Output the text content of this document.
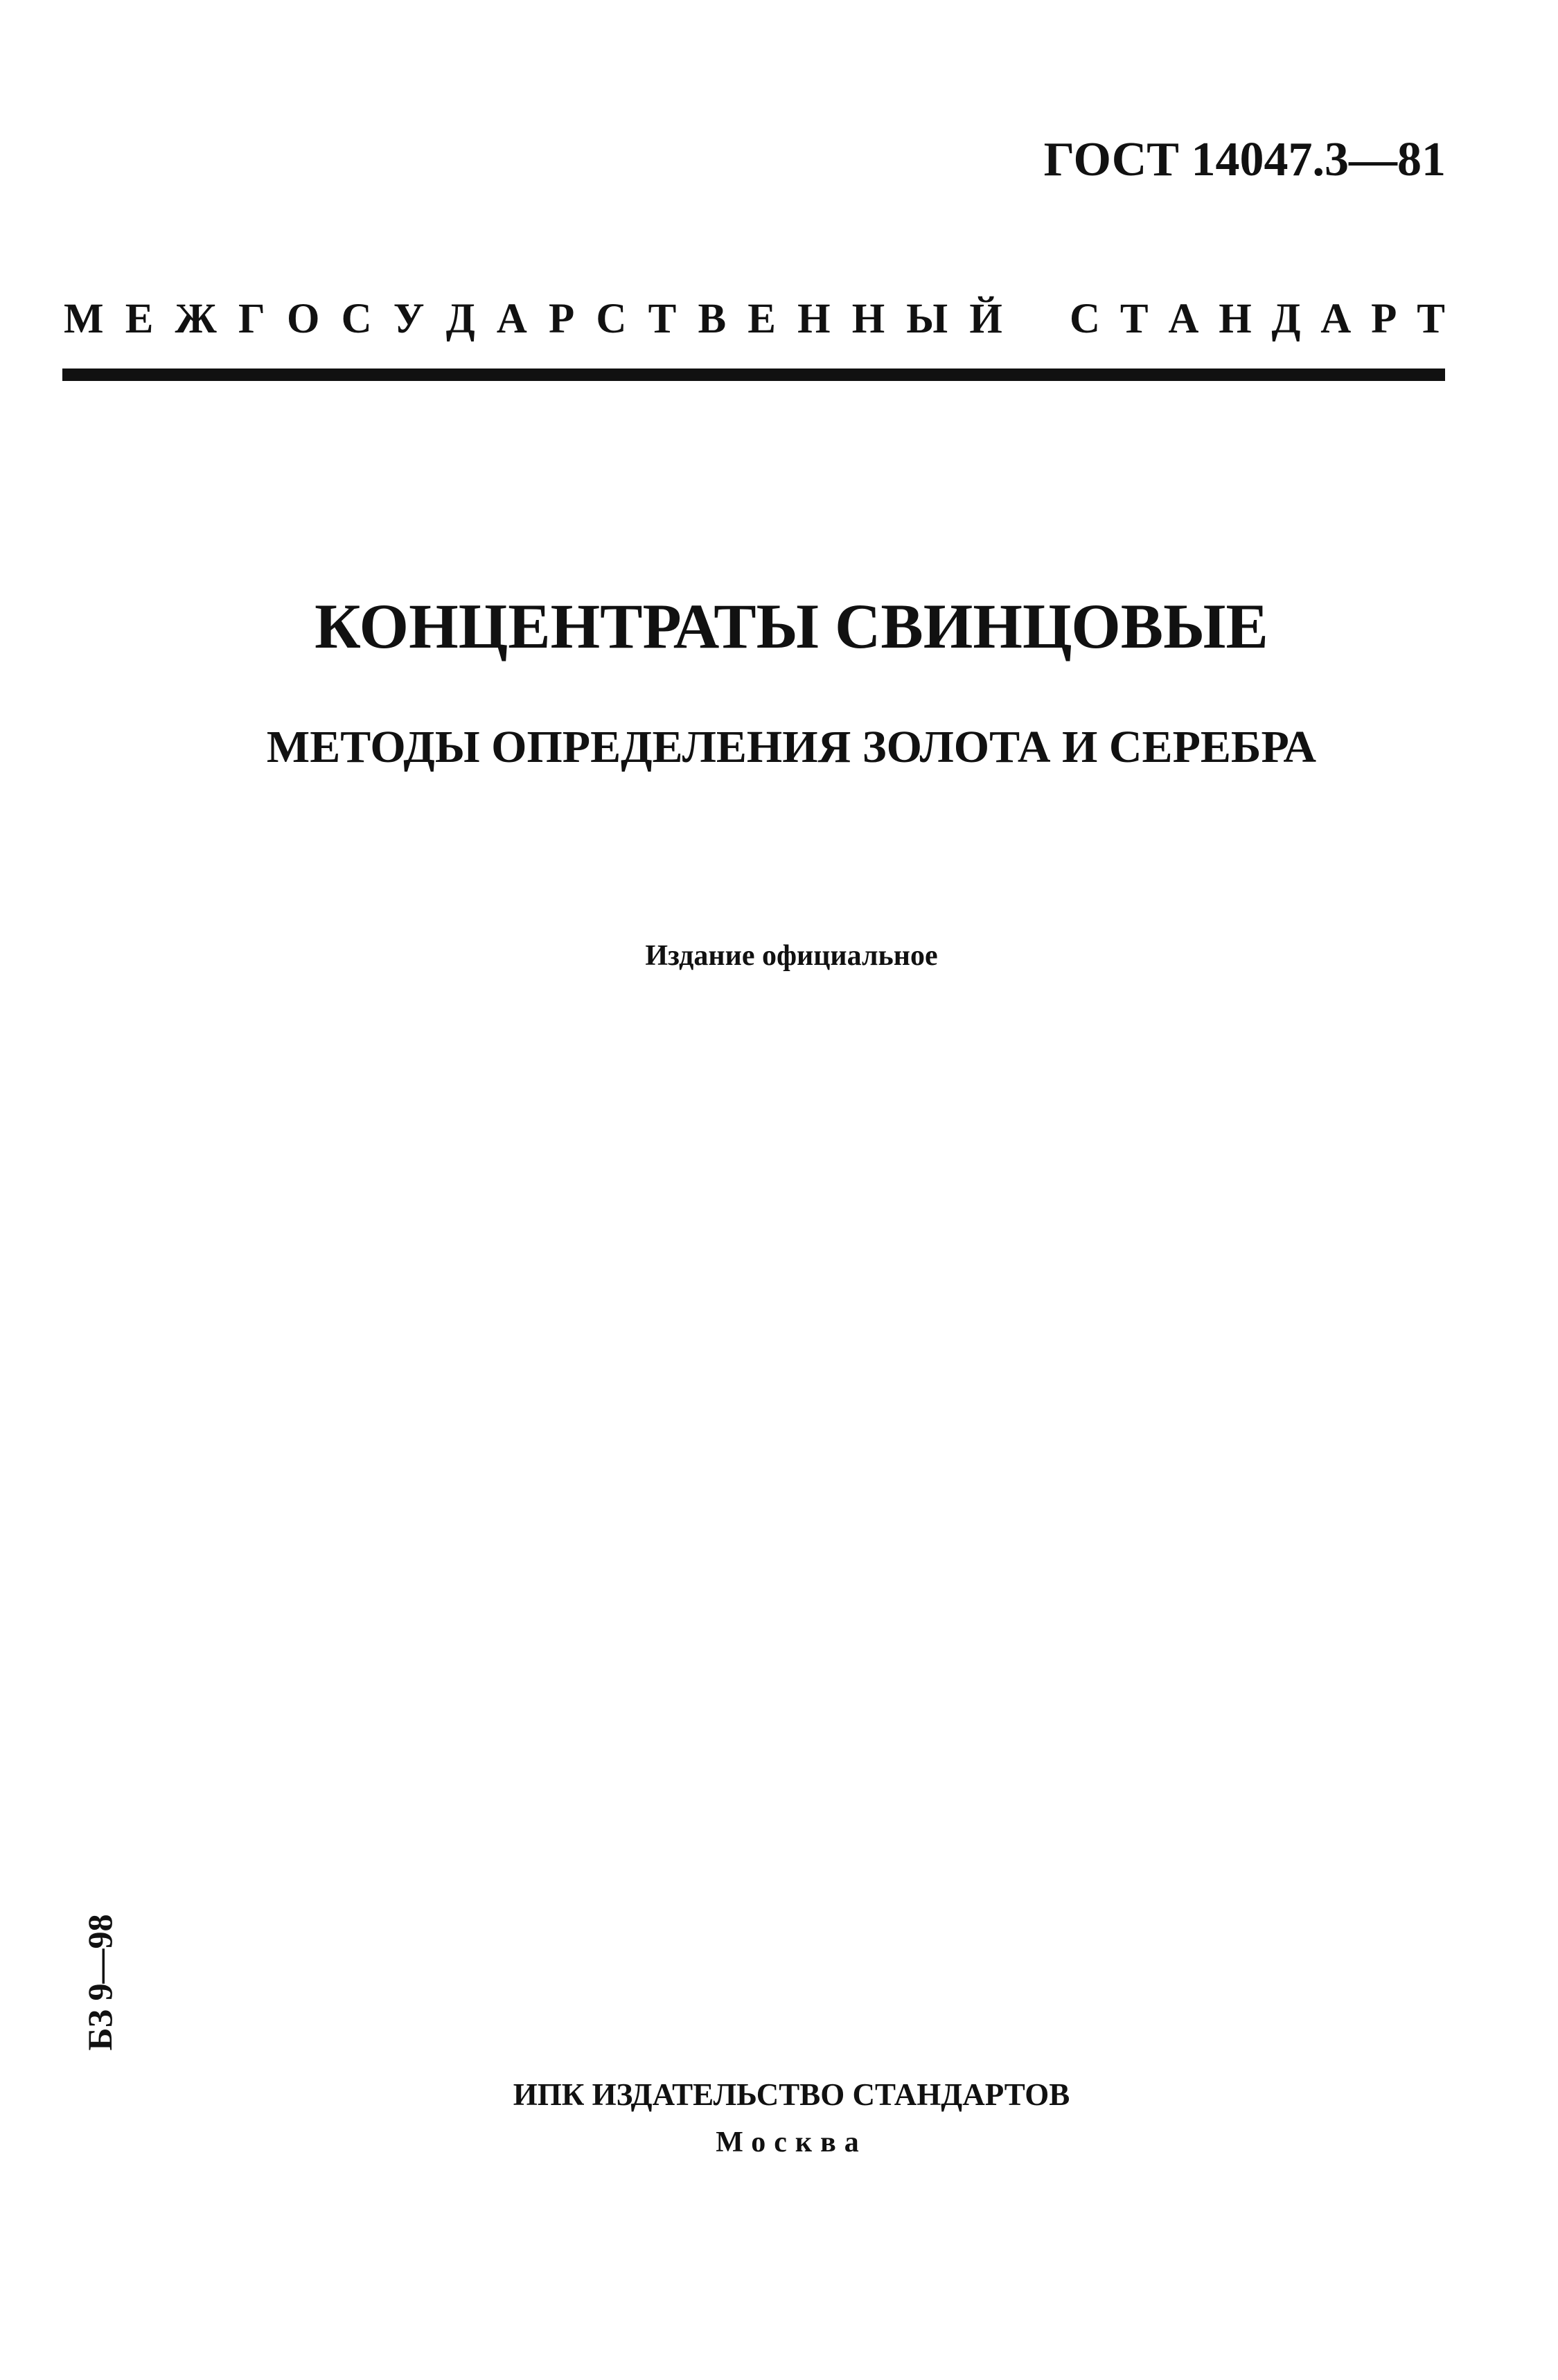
ГОСТ 14047.3—81
М Е Ж Г О С У Д А Р С Т В Е Н Н Ы Й С Т А Н Д А Р Т
КОНЦЕНТРАТЫ СВИНЦОВЫЕ
МЕТОДЫ ОПРЕДЕЛЕНИЯ ЗОЛОТА И СЕРЕБРА
Издание официальное
БЗ 9—98
ИПК ИЗДАТЕЛЬСТВО СТАНДАРТОВ
Москва
